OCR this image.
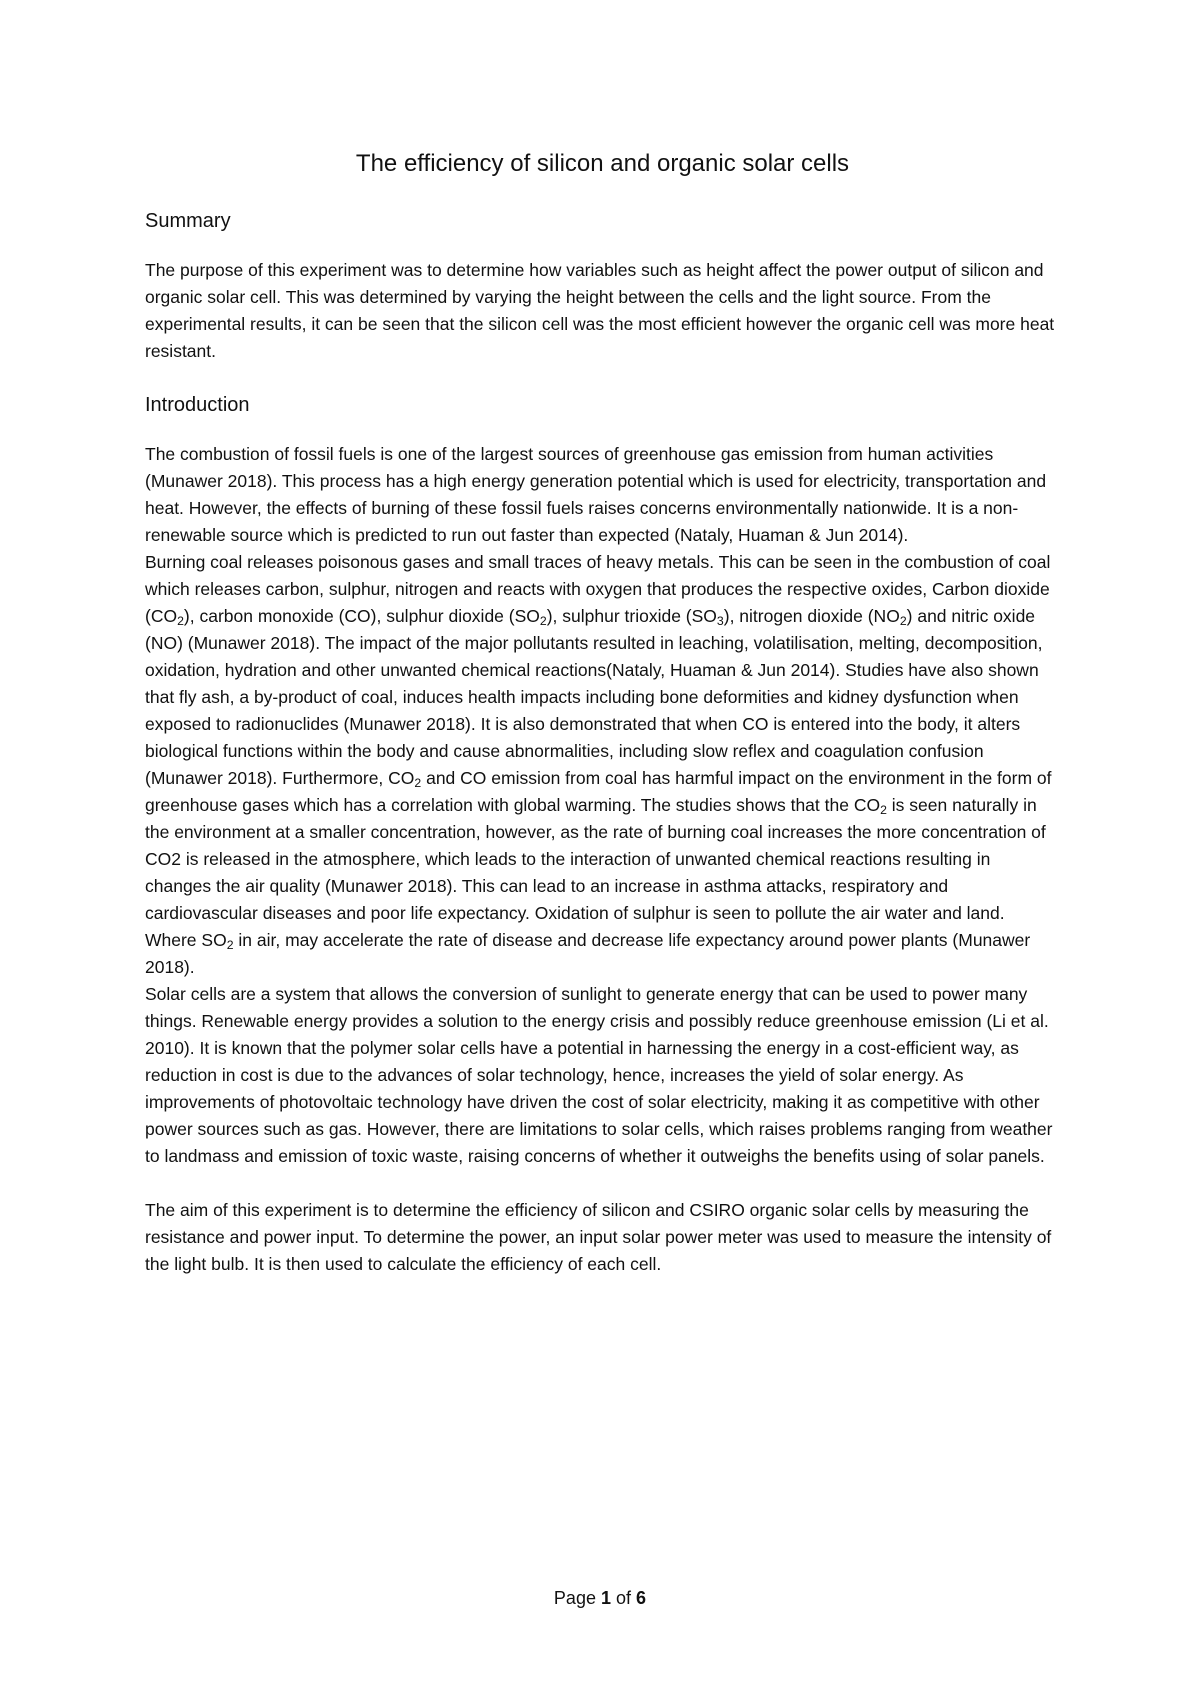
The efficiency of silicon and organic solar cells
Summary

The purpose of this experiment was to determine how variables such as height affect the power output of silicon and organic solar cell. This was determined by varying the height between the cells and the light source. From the experimental results, it can be seen that the silicon cell was the most efficient however the organic cell was more heat resistant.

Introduction

The combustion of fossil fuels is one of the largest sources of greenhouse gas emission from human activities (Munawer 2018). This process has a high energy generation potential which is used for electricity, transportation and heat. However, the effects of burning of these fossil fuels raises concerns environmentally nationwide. It is a non-renewable source which is predicted to run out faster than expected (Nataly, Huaman & Jun 2014).

Burning coal releases poisonous gases and small traces of heavy metals. This can be seen in the combustion of coal which releases carbon, sulphur, nitrogen and reacts with oxygen that produces the respective oxides, Carbon dioxide $(CO_2)$, carbon monoxide (CO), sulphur dioxide $(SO_2)$, sulphur trioxide $(SO_3)$, nitrogen dioxide $(NO_2)$ and nitric oxide (NO) (Munawer 2018). The impact of the major pollutants resulted in leaching, volatilisation, melting, decomposition, oxidation, hydration and other unwanted chemical reactions(Nataly, Huaman & Jun 2014). Studies have also shown that fly ash, a by-product of coal, induces health impacts including bone deformities and kidney dysfunction when exposed to radionuclides (Munawer 2018). It is also demonstrated that when CO is entered into the body, it alters biological functions within the body and cause abnormalities, including slow reflex and coagulation confusion (Munawer 2018). Furthermore, $CO_2$ and CO emission from coal has harmful impact on the environment in the form of greenhouse gases which has a correlation with global warming. The studies shows that the $CO_2$ is seen naturally in the environment at a smaller concentration, however, as the rate of burning coal increases the more concentration of CO2 is released in the atmosphere, which leads to the interaction of unwanted chemical reactions resulting in changes the air quality (Munawer 2018). This can lead to an increase in asthma attacks, respiratory and cardiovascular diseases and poor life expectancy. Oxidation of sulphur is seen to pollute the air water and land. Where $SO_2$ in air, may accelerate the rate of disease and decrease life expectancy around power plants (Munawer 2018).

Solar cells are a system that allows the conversion of sunlight to generate energy that can be used to power many things. Renewable energy provides a solution to the energy crisis and possibly reduce greenhouse emission (Li et al. 2010). It is known that the polymer solar cells have a potential in harnessing the energy in a cost-efficient way, as reduction in cost is due to the advances of solar technology, hence, increases the yield of solar energy. As improvements of photovoltaic technology have driven the cost of solar electricity, making it as competitive with other power sources such as gas. However, there are limitations to solar cells, which raises problems ranging from weather to landmass and emission of toxic waste, raising concerns of whether it outweighs the benefits using of solar panels.

The aim of this experiment is to determine the efficiency of silicon and CSIRO organic solar cells by measuring the resistance and power input. To determine the power, an input solar power meter was used to measure the intensity of the light bulb. It is then used to calculate the efficiency of each cell.

Page 1 of 6
